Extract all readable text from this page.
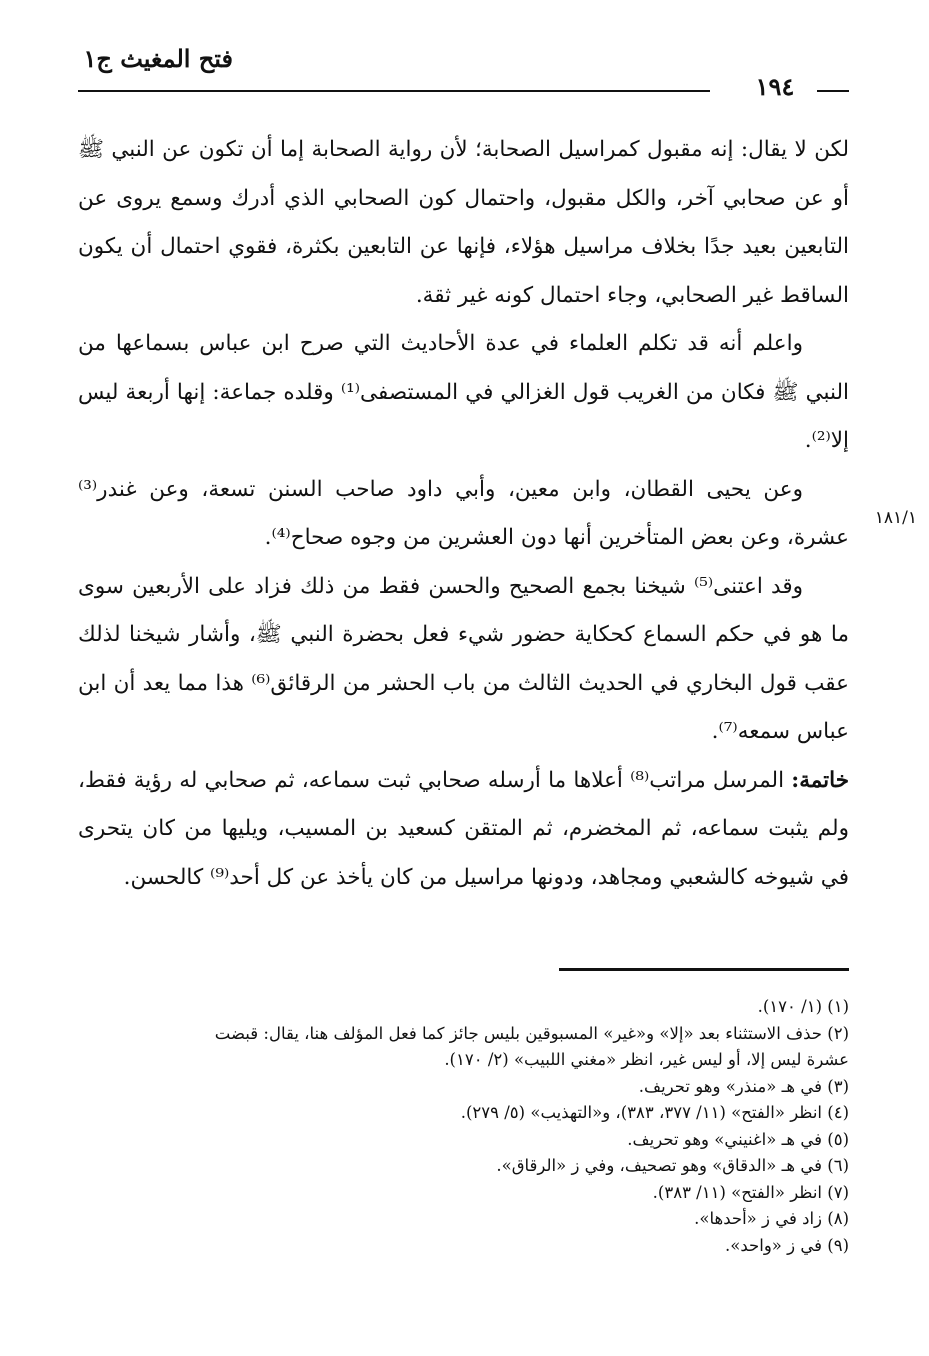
فتح المغيث ج١
١٩٤
١٨١/١

لكن لا يقال: إنه مقبول كمراسيل الصحابة؛ لأن رواية الصحابة إما أن تكون عن النبي ﷺ أو عن صحابي آخر، والكل مقبول، واحتمال كون الصحابي الذي أدرك وسمع يروى عن التابعين بعيد جدًا بخلاف مراسيل هؤلاء، فإنها عن التابعين بكثرة، فقوي احتمال أن يكون الساقط غير الصحابي، وجاء احتمال كونه غير ثقة.

واعلم أنه قد تكلم العلماء في عدة الأحاديث التي صرح ابن عباس بسماعها من النبي ﷺ فكان من الغريب قول الغزالي في المستصفى⁽¹⁾ وقلده جماعة: إنها أربعة ليس إلا⁽²⁾.

وعن يحيى القطان، وابن معين، وأبي داود صاحب السنن تسعة، وعن غندر⁽³⁾ عشرة، وعن بعض المتأخرين أنها دون العشرين من وجوه صحاح⁽⁴⁾.

وقد اعتنى⁽⁵⁾ شيخنا بجمع الصحيح والحسن فقط من ذلك فزاد على الأربعين سوى ما هو في حكم السماع كحكاية حضور شيء فعل بحضرة النبي ﷺ، وأشار شيخنا لذلك عقب قول البخاري في الحديث الثالث من باب الحشر من الرقائق⁽⁶⁾ هذا مما يعد أن ابن عباس سمعه⁽⁷⁾.

خاتمة: المرسل مراتب⁽⁸⁾ أعلاها ما أرسله صحابي ثبت سماعه، ثم صحابي له رؤية فقط، ولم يثبت سماعه، ثم المخضرم، ثم المتقن كسعيد بن المسيب، ويليها من كان يتحرى في شيوخه كالشعبي ومجاهد، ودونها مراسيل من كان يأخذ عن كل أحد⁽⁹⁾ كالحسن.

(١) (١/ ١٧٠).
(٢) حذف الاستثناء بعد «إلا» و«غير» المسبوقين بليس جائز كما فعل المؤلف هنا، يقال: قبضت
عشرة ليس إلا، أو ليس غير، انظر «مغني اللبيب» (٢/ ١٧٠).
(٣) في هـ «منذر» وهو تحريف.
(٤) انظر «الفتح» (١١/ ٣٧٧، ٣٨٣)، و«التهذيب» (٥/ ٢٧٩).
(٥) في هـ «اغنيني» وهو تحريف.
(٦) في هـ «الدقاق» وهو تصحيف، وفي ز «الرقاق».
(٧) انظر «الفتح» (١١/ ٣٨٣).
(٨) زاد في ز «أحدها».
(٩) في ز «واحد».
